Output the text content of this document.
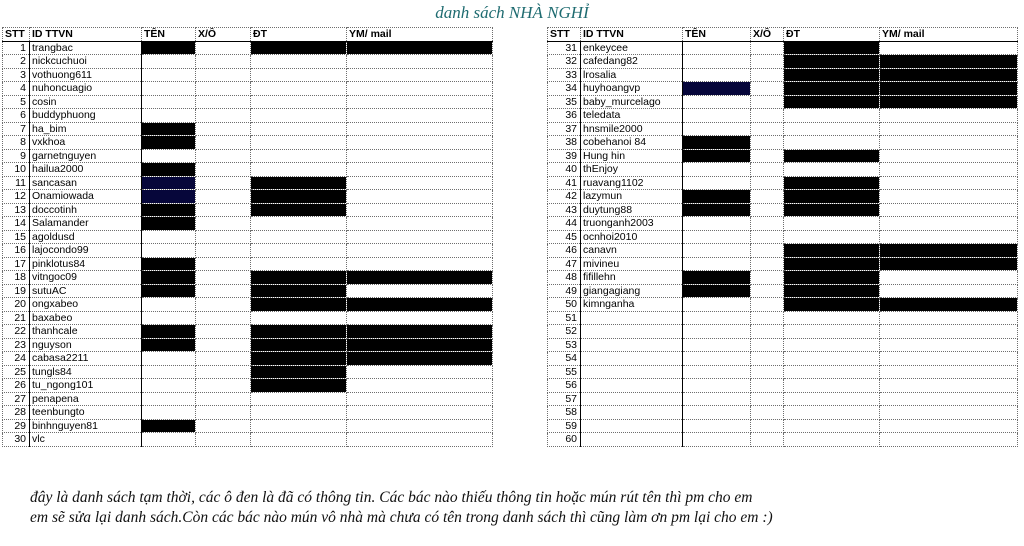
danh sách NHÀ NGHỈ
STT	ID TTVN	TÊN	X/Ô	ĐT	YM/ mail
1	trangbac				
2	nickcuchuoi				
3	vothuong611				
4	nuhoncuagio				
5	cosin				
6	buddyphuong				
7	ha_bim				
8	vxkhoa				
9	garnetnguyen				
10	hailua2000				
11	sancasan				
12	Onamiowada				
13	doccotinh				
14	Salamander				
15	agoldusd				
16	lajocondo99				
17	pinklotus84				
18	vitngoc09				
19	sutuAC				
20	ongxabeo				
21	baxabeo				
22	thanhcale				
23	nguyson				
24	cabasa2211				
25	tungls84				
26	tu_ngong101				
27	penapena				
28	teenbungto				
29	binhnguyen81				
30	vlc				
STT	ID TTVN	TÊN	X/Ô	ĐT	YM/ mail
31	enkeycee				
32	cafedang82				
33	lrosalia				
34	huyhoangvp				
35	baby_murcelago				
36	teledata				
37	hnsmile2000				
38	cobehanoi 84				
39	Hung hin				
40	thEnjoy				
41	ruavang1102				
42	lazymun				
43	duytung88				
44	truonganh2003				
45	ocnhoi2010				
46	canavn				
47	mivineu				
48	fifillehn				
49	giangagiang				
50	kimnganha				
51					
52					
53					
54					
55					
56					
57					
58					
59					
60					
đây là danh sách tạm thời, các ô đen là đã có thông tin. Các bác nào thiếu thông tin hoặc mún rút tên thì pm cho em
em sẽ sửa lại danh sách.Còn các bác nào mún vô nhà mà chưa có tên trong danh sách thì cũng làm ơn pm lại cho em :)
